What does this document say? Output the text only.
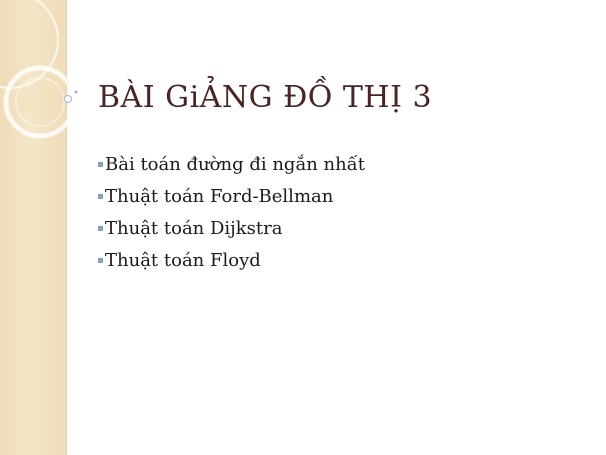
BÀI GiẢNG ĐỒ THỊ 3
Bài toán đường đi ngắn nhất
Thuật toán Ford-Bellman
Thuật toán Dijkstra
Thuật toán Floyd
